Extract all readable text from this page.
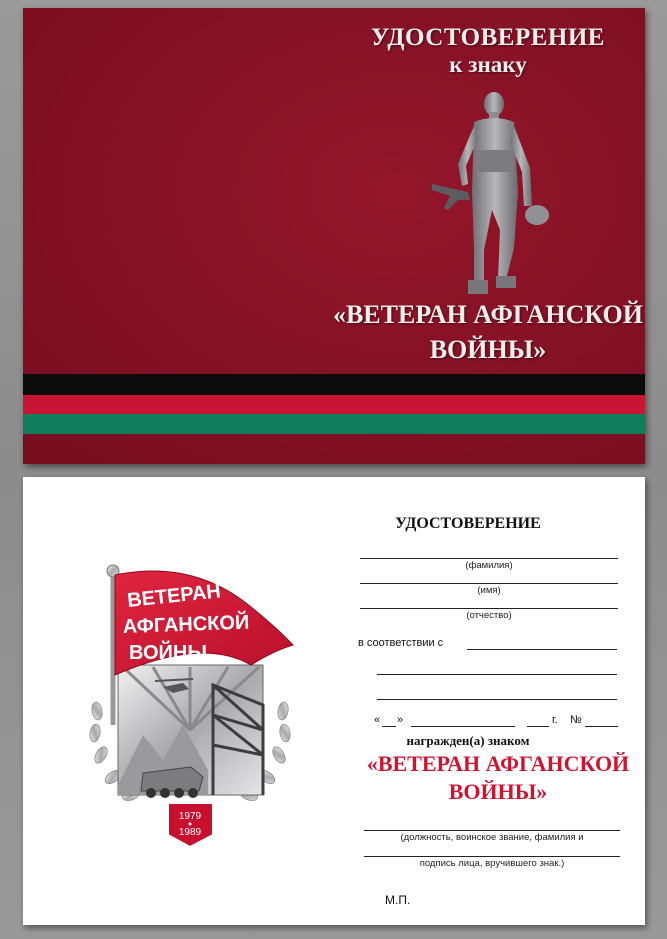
УДОСТОВЕРЕНИЕ
к знаку
«ВЕТЕРАН АФГАНСКОЙ
ВОЙНЫ»
ВЕТЕРАН
АФГАНСКОЙ
ВОЙНЫ
1979
1989
УДОСТОВЕРЕНИЕ
(фамилия)
(имя)
(отчество)
в соответствии с
« »	г. №
награжден(а) знаком
«ВЕТЕРАН АФГАНСКОЙ
ВОЙНЫ»
(должность, воинское звание, фамилия и
подпись лица, вручившего знак.)
М.П.
